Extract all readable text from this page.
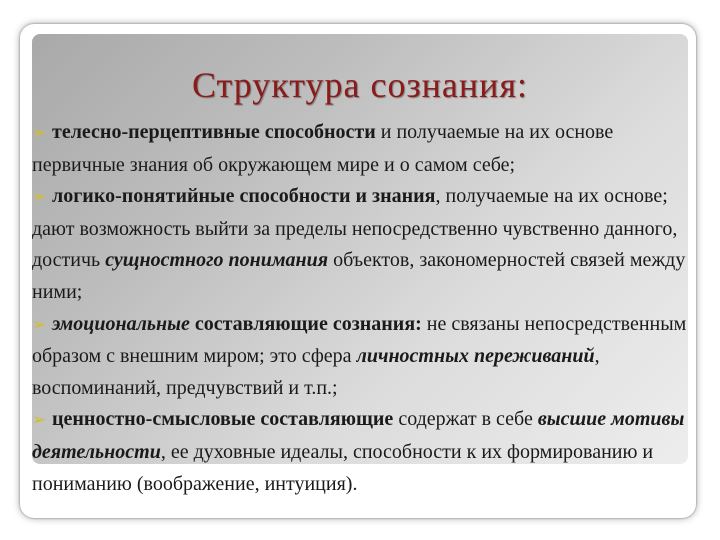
Структура сознания:

➢ телесно-перцептивные способности и получаемые на их основе первичные знания об окружающем мире и о самом себе;

➢ логико-понятийные способности и знания, получаемые на их основе; дают возможность выйти за пределы непосредственно чувственно данного, достичь сущностного понимания объектов, закономерностей связей между ними;

➢ эмоциональные составляющие сознания: не связаны непосредственным образом с внешним миром; это сфера личностных переживаний, воспоминаний, предчувствий и т.п.;

➢ ценностно-смысловые составляющие содержат в себе высшие мотивы деятельности, ее духовные идеалы, способности к их формированию и пониманию (воображение, интуиция).
